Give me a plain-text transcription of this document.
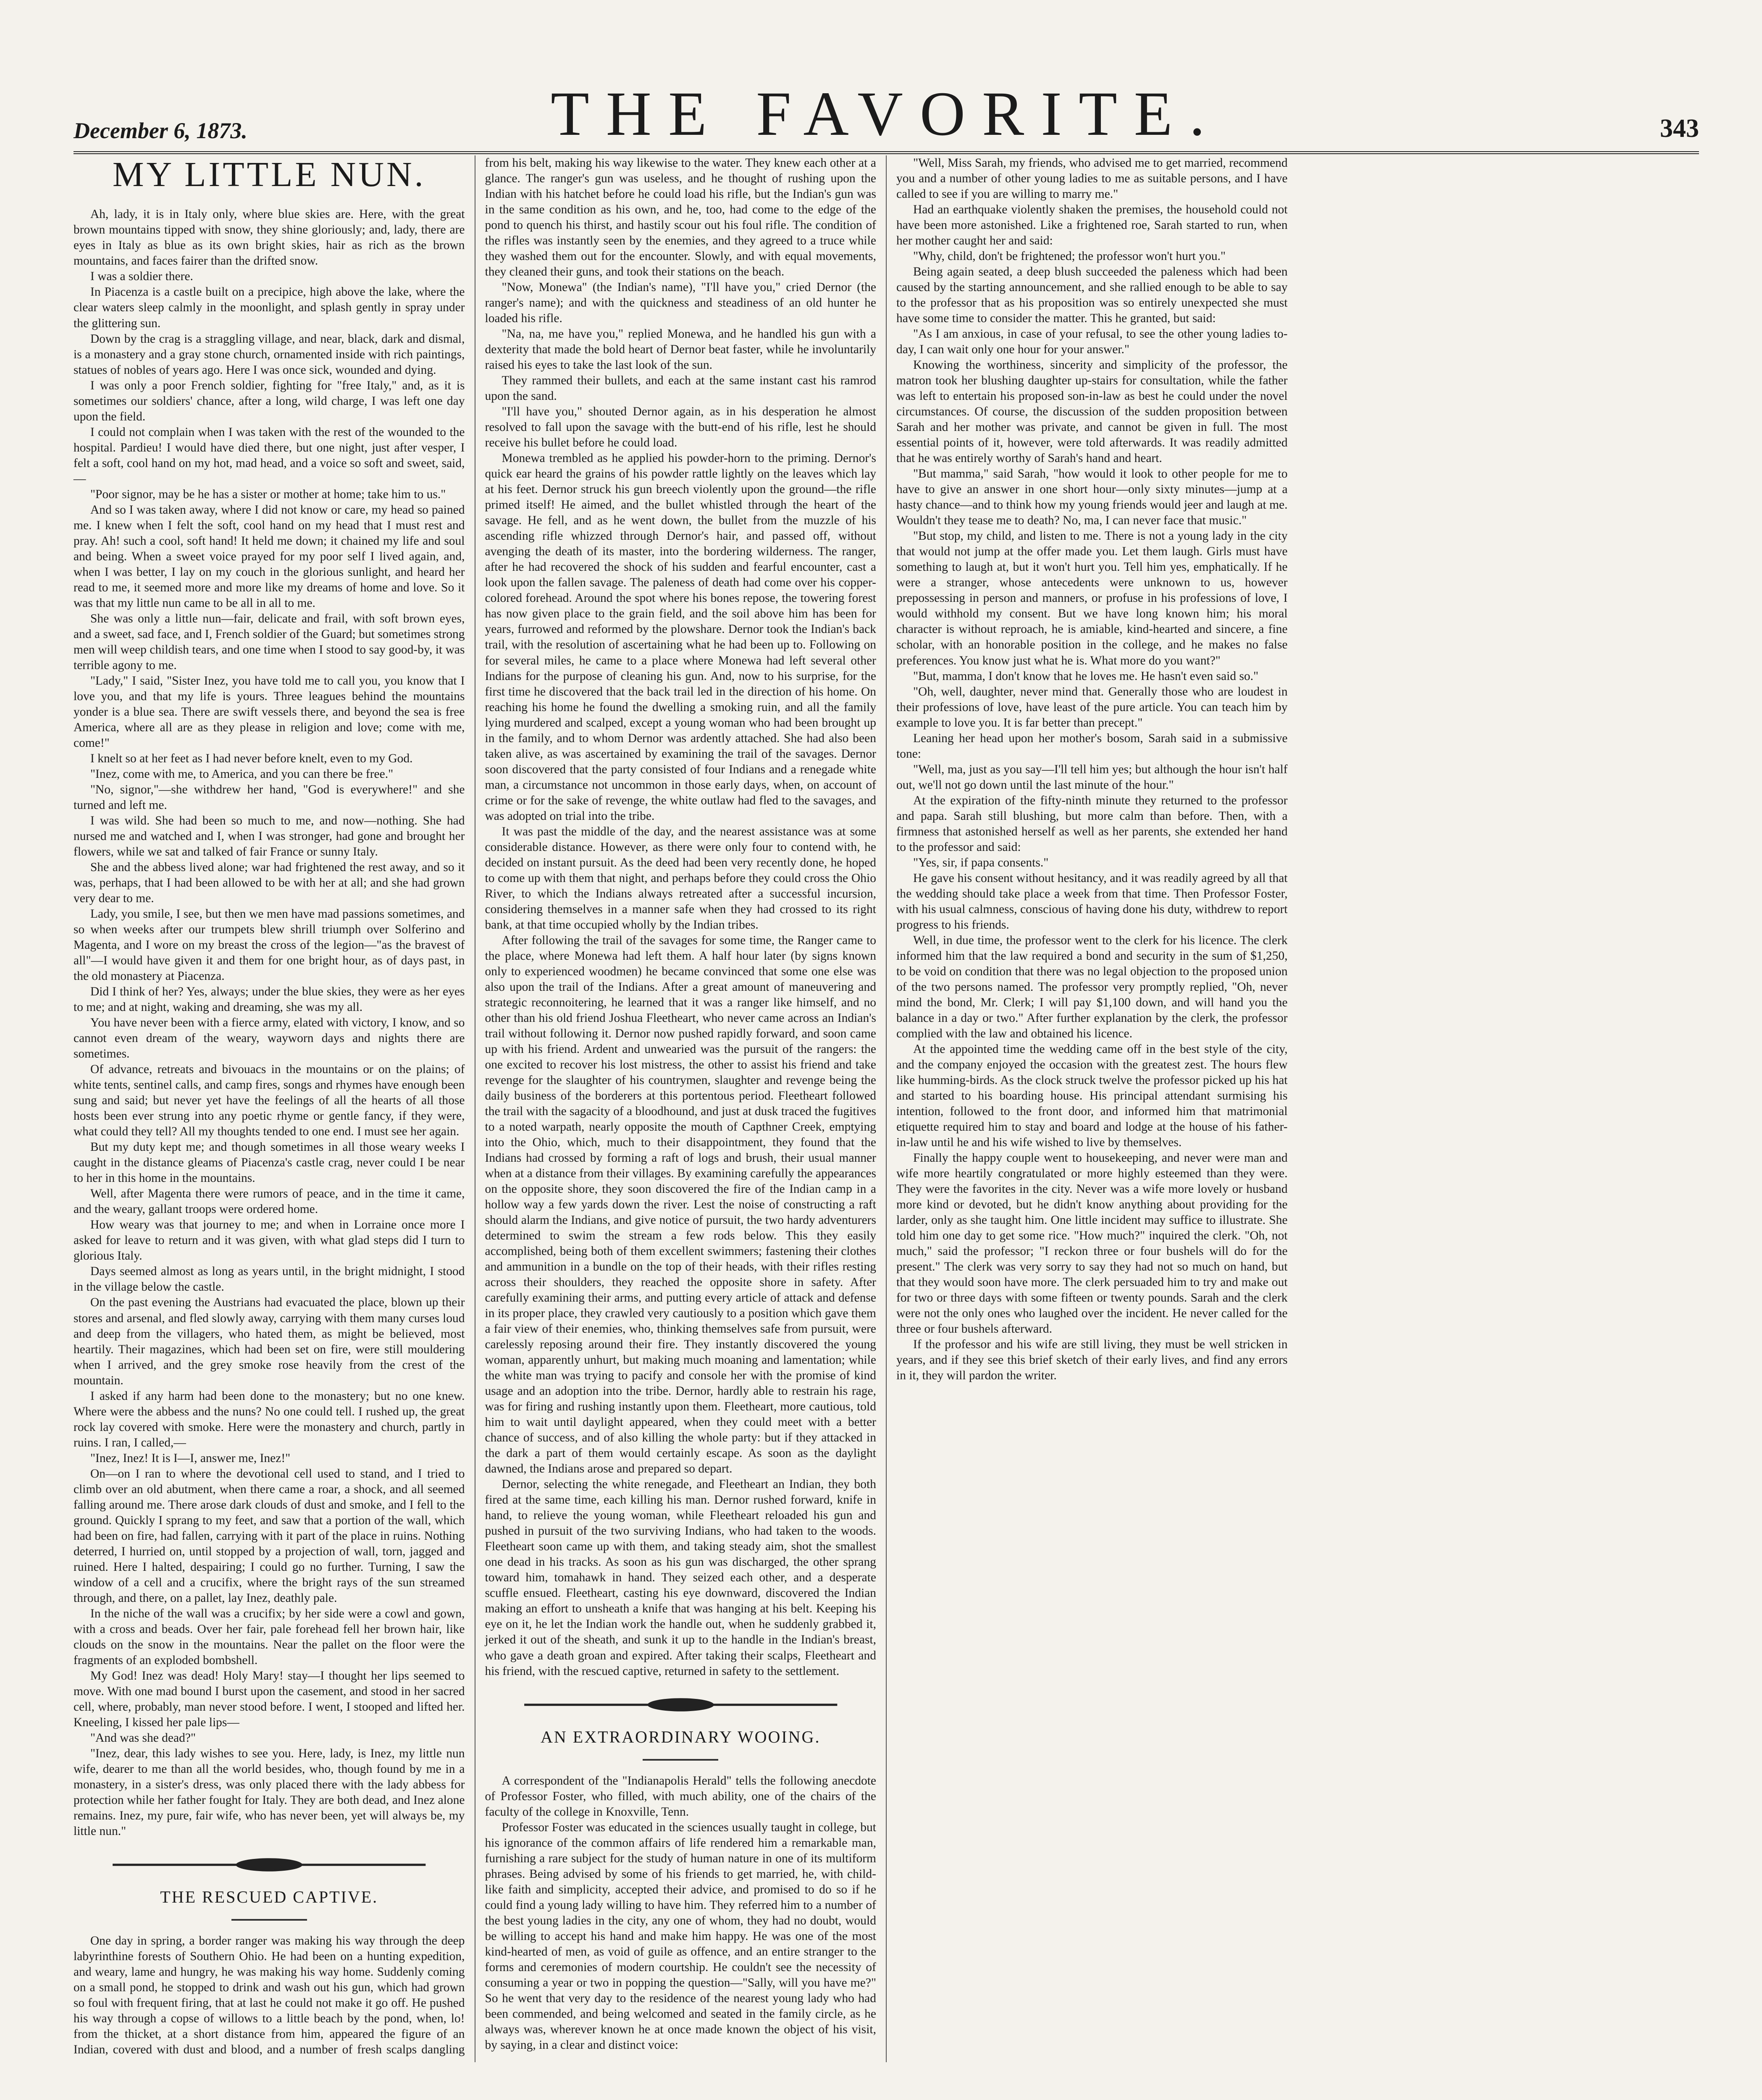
December 6, 1873.	THE FAVORITE.	343
MY LITTLE NUN.

Ah, lady, it is in Italy only, where blue skies are. Here, with the great brown mountains tipped with snow, they shine gloriously; and, lady, there are eyes in Italy as blue as its own bright skies, hair as rich as the brown mountains, and faces fairer than the drifted snow.

I was a soldier there.

In Piacenza is a castle built on a precipice, high above the lake, where the clear waters sleep calmly in the moonlight, and splash gently in spray under the glittering sun.

Down by the crag is a straggling village, and near, black, dark and dismal, is a monastery and a gray stone church, ornamented inside with rich paintings, statues of nobles of years ago. Here I was once sick, wounded and dying.

I was only a poor French soldier, fighting for "free Italy," and, as it is sometimes our soldiers' chance, after a long, wild charge, I was left one day upon the field.

I could not complain when I was taken with the rest of the wounded to the hospital. Pardieu! I would have died there, but one night, just after vesper, I felt a soft, cool hand on my hot, mad head, and a voice so soft and sweet, said,—

"Poor signor, may be he has a sister or mother at home; take him to us."

And so I was taken away, where I did not know or care, my head so pained me. I knew when I felt the soft, cool hand on my head that I must rest and pray. Ah! such a cool, soft hand! It held me down; it chained my life and soul and being. When a sweet voice prayed for my poor self I lived again, and, when I was better, I lay on my couch in the glorious sunlight, and heard her read to me, it seemed more and more like my dreams of home and love. So it was that my little nun came to be all in all to me.

She was only a little nun—fair, delicate and frail, with soft brown eyes, and a sweet, sad face, and I, French soldier of the Guard; but sometimes strong men will weep childish tears, and one time when I stood to say good-by, it was terrible agony to me.

"Lady," I said, "Sister Inez, you have told me to call you, you know that I love you, and that my life is yours. Three leagues behind the mountains yonder is a blue sea. There are swift vessels there, and beyond the sea is free America, where all are as they please in religion and love; come with me, come!"

I knelt so at her feet as I had never before knelt, even to my God.

"Inez, come with me, to America, and you can there be free."

"No, signor,"—she withdrew her hand, "God is everywhere!" and she turned and left me.

I was wild. She had been so much to me, and now—nothing. She had nursed me and watched and I, when I was stronger, had gone and brought her flowers, while we sat and talked of fair France or sunny Italy.

She and the abbess lived alone; war had frightened the rest away, and so it was, perhaps, that I had been allowed to be with her at all; and she had grown very dear to me.

Lady, you smile, I see, but then we men have mad passions sometimes, and so when weeks after our trumpets blew shrill triumph over Solferino and Magenta, and I wore on my breast the cross of the legion—"as the bravest of all"—I would have given it and them for one bright hour, as of days past, in the old monastery at Piacenza.

Did I think of her? Yes, always; under the blue skies, they were as her eyes to me; and at night, waking and dreaming, she was my all.

You have never been with a fierce army, elated with victory, I know, and so cannot even dream of the weary, wayworn days and nights there are sometimes.

Of advance, retreats and bivouacs in the mountains or on the plains; of white tents, sentinel calls, and camp fires, songs and rhymes have enough been sung and said; but never yet have the feelings of all the hearts of all those hosts been ever strung into any poetic rhyme or gentle fancy, if they were, what could they tell? All my thoughts tended to one end. I must see her again.

But my duty kept me; and though sometimes in all those weary weeks I caught in the distance gleams of Piacenza's castle crag, never could I be near to her in this home in the mountains.

Well, after Magenta there were rumors of peace, and in the time it came, and the weary, gallant troops were ordered home.

How weary was that journey to me; and when in Lorraine once more I asked for leave to return and it was given, with what glad steps did I turn to glorious Italy.

Days seemed almost as long as years until, in the bright midnight, I stood in the village below the castle.

On the past evening the Austrians had evacuated the place, blown up their stores and arsenal, and fled slowly away, carrying with them many curses loud and deep from the villagers, who hated them, as might be believed, most heartily. Their magazines, which had been set on fire, were still mouldering when I arrived, and the grey smoke rose heavily from the crest of the mountain.

I asked if any harm had been done to the monastery; but no one knew. Where were the abbess and the nuns? No one could tell. I rushed up, the great rock lay covered with smoke. Here were the monastery and church, partly in ruins. I ran, I called,—

"Inez, Inez! It is I—I, answer me, Inez!"

On—on I ran to where the devotional cell used to stand, and I tried to climb over an old abutment, when there came a roar, a shock, and all seemed falling around me. There arose dark clouds of dust and smoke, and I fell to the ground. Quickly I sprang to my feet, and saw that a portion of the wall, which had been on fire, had fallen, carrying with it part of the place in ruins. Nothing deterred, I hurried on, until stopped by a projection of wall, torn, jagged and ruined. Here I halted, despairing; I could go no further. Turning, I saw the window of a cell and a crucifix, where the bright rays of the sun streamed through, and there, on a pallet, lay Inez, deathly pale.

In the niche of the wall was a crucifix; by her side were a cowl and gown, with a cross and beads. Over her fair, pale forehead fell her brown hair, like clouds on the snow in the mountains. Near the pallet on the floor were the fragments of an exploded bombshell.

My God! Inez was dead! Holy Mary! stay—I thought her lips seemed to move. With one mad bound I burst upon the casement, and stood in her sacred cell, where, probably, man never stood before. I went, I stooped and lifted her. Kneeling, I kissed her pale lips—

"And was she dead?"

"Inez, dear, this lady wishes to see you. Here, lady, is Inez, my little nun wife, dearer to me than all the world besides, who, though found by me in a monastery, in a sister's dress, was only placed there with the lady abbess for protection while her father fought for Italy. They are both dead, and Inez alone remains. Inez, my pure, fair wife, who has never been, yet will always be, my little nun."

THE RESCUED CAPTIVE.

One day in spring, a border ranger was making his way through the deep labyrinthine forests of Southern Ohio. He had been on a hunting expedition, and weary, lame and hungry, he was making his way home. Suddenly coming on a small pond, he stopped to drink and wash out his gun, which had grown so foul with frequent firing, that at last he could not make it go off. He pushed his way through a copse of willows to a little beach by the pond, when, lo! from the thicket, at a short distance from him, appeared the figure of an Indian, covered with dust and blood, and a number of fresh scalps dangling from his belt, making his way likewise to the water. They knew each other at a glance. The ranger's gun was useless, and he thought of rushing upon the Indian with his hatchet before he could load his rifle, but the Indian's gun was in the same condition as his own, and he, too, had come to the edge of the pond to quench his thirst, and hastily scour out his foul rifle. The condition of the rifles was instantly seen by the enemies, and they agreed to a truce while they washed them out for the encounter. Slowly, and with equal movements, they cleaned their guns, and took their stations on the beach.

"Now, Monewa" (the Indian's name), "I'll have you," cried Dernor (the ranger's name); and with the quickness and steadiness of an old hunter he loaded his rifle.

"Na, na, me have you," replied Monewa, and he handled his gun with a dexterity that made the bold heart of Dernor beat faster, while he involuntarily raised his eyes to take the last look of the sun.

They rammed their bullets, and each at the same instant cast his ramrod upon the sand.

"I'll have you," shouted Dernor again, as in his desperation he almost resolved to fall upon the savage with the butt-end of his rifle, lest he should receive his bullet before he could load.

Monewa trembled as he applied his powder-horn to the priming. Dernor's quick ear heard the grains of his powder rattle lightly on the leaves which lay at his feet. Dernor struck his gun breech violently upon the ground—the rifle primed itself! He aimed, and the bullet whistled through the heart of the savage. He fell, and as he went down, the bullet from the muzzle of his ascending rifle whizzed through Dernor's hair, and passed off, without avenging the death of its master, into the bordering wilderness. The ranger, after he had recovered the shock of his sudden and fearful encounter, cast a look upon the fallen savage. The paleness of death had come over his copper-colored forehead. Around the spot where his bones repose, the towering forest has now given place to the grain field, and the soil above him has been for years, furrowed and reformed by the plowshare. Dernor took the Indian's back trail, with the resolution of ascertaining what he had been up to. Following on for several miles, he came to a place where Monewa had left several other Indians for the purpose of cleaning his gun. And, now to his surprise, for the first time he discovered that the back trail led in the direction of his home. On reaching his home he found the dwelling a smoking ruin, and all the family lying murdered and scalped, except a young woman who had been brought up in the family, and to whom Dernor was ardently attached. She had also been taken alive, as was ascertained by examining the trail of the savages. Dernor soon discovered that the party consisted of four Indians and a renegade white man, a circumstance not uncommon in those early days, when, on account of crime or for the sake of revenge, the white outlaw had fled to the savages, and was adopted on trial into the tribe.

It was past the middle of the day, and the nearest assistance was at some considerable distance. However, as there were only four to contend with, he decided on instant pursuit. As the deed had been very recently done, he hoped to come up with them that night, and perhaps before they could cross the Ohio River, to which the Indians always retreated after a successful incursion, considering themselves in a manner safe when they had crossed to its right bank, at that time occupied wholly by the Indian tribes.

After following the trail of the savages for some time, the Ranger came to the place, where Monewa had left them. A half hour later (by signs known only to experienced woodmen) he became convinced that some one else was also upon the trail of the Indians. After a great amount of maneuvering and strategic reconnoitering, he learned that it was a ranger like himself, and no other than his old friend Joshua Fleetheart, who never came across an Indian's trail without following it. Dernor now pushed rapidly forward, and soon came up with his friend. Ardent and unwearied was the pursuit of the rangers: the one excited to recover his lost mistress, the other to assist his friend and take revenge for the slaughter of his countrymen, slaughter and revenge being the daily business of the borderers at this portentous period. Fleetheart followed the trail with the sagacity of a bloodhound, and just at dusk traced the fugitives to a noted warpath, nearly opposite the mouth of Capthner Creek, emptying into the Ohio, which, much to their disappointment, they found that the Indians had crossed by forming a raft of logs and brush, their usual manner when at a distance from their villages. By examining carefully the appearances on the opposite shore, they soon discovered the fire of the Indian camp in a hollow way a few yards down the river. Lest the noise of constructing a raft should alarm the Indians, and give notice of pursuit, the two hardy adventurers determined to swim the stream a few rods below. This they easily accomplished, being both of them excellent swimmers; fastening their clothes and ammunition in a bundle on the top of their heads, with their rifles resting across their shoulders, they reached the opposite shore in safety. After carefully examining their arms, and putting every article of attack and defense in its proper place, they crawled very cautiously to a position which gave them a fair view of their enemies, who, thinking themselves safe from pursuit, were carelessly reposing around their fire. They instantly discovered the young woman, apparently unhurt, but making much moaning and lamentation; while the white man was trying to pacify and console her with the promise of kind usage and an adoption into the tribe. Dernor, hardly able to restrain his rage, was for firing and rushing instantly upon them. Fleetheart, more cautious, told him to wait until daylight appeared, when they could meet with a better chance of success, and of also killing the whole party: but if they attacked in the dark a part of them would certainly escape. As soon as the daylight dawned, the Indians arose and prepared so depart.

Dernor, selecting the white renegade, and Fleetheart an Indian, they both fired at the same time, each killing his man. Dernor rushed forward, knife in hand, to relieve the young woman, while Fleetheart reloaded his gun and pushed in pursuit of the two surviving Indians, who had taken to the woods. Fleetheart soon came up with them, and taking steady aim, shot the smallest one dead in his tracks. As soon as his gun was discharged, the other sprang toward him, tomahawk in hand. They seized each other, and a desperate scuffle ensued. Fleetheart, casting his eye downward, discovered the Indian making an effort to unsheath a knife that was hanging at his belt. Keeping his eye on it, he let the Indian work the handle out, when he suddenly grabbed it, jerked it out of the sheath, and sunk it up to the handle in the Indian's breast, who gave a death groan and expired. After taking their scalps, Fleetheart and his friend, with the rescued captive, returned in safety to the settlement.

AN EXTRAORDINARY WOOING.

A correspondent of the "Indianapolis Herald" tells the following anecdote of Professor Foster, who filled, with much ability, one of the chairs of the faculty of the college in Knoxville, Tenn.

Professor Foster was educated in the sciences usually taught in college, but his ignorance of the common affairs of life rendered him a remarkable man, furnishing a rare subject for the study of human nature in one of its multiform phrases. Being advised by some of his friends to get married, he, with child-like faith and simplicity, accepted their advice, and promised to do so if he could find a young lady willing to have him. They referred him to a number of the best young ladies in the city, any one of whom, they had no doubt, would be willing to accept his hand and make him happy. He was one of the most kind-hearted of men, as void of guile as offence, and an entire stranger to the forms and ceremonies of modern courtship. He couldn't see the necessity of consuming a year or two in popping the question—"Sally, will you have me?" So he went that very day to the residence of the nearest young lady who had been commended, and being welcomed and seated in the family circle, as he always was, wherever known he at once made known the object of his visit, by saying, in a clear and distinct voice:

"Well, Miss Sarah, my friends, who advised me to get married, recommend you and a number of other young ladies to me as suitable persons, and I have called to see if you are willing to marry me."

Had an earthquake violently shaken the premises, the household could not have been more astonished. Like a frightened roe, Sarah started to run, when her mother caught her and said:

"Why, child, don't be frightened; the professor won't hurt you."

Being again seated, a deep blush succeeded the paleness which had been caused by the starting announcement, and she rallied enough to be able to say to the professor that as his proposition was so entirely unexpected she must have some time to consider the matter. This he granted, but said:

"As I am anxious, in case of your refusal, to see the other young ladies to-day, I can wait only one hour for your answer."

Knowing the worthiness, sincerity and simplicity of the professor, the matron took her blushing daughter up-stairs for consultation, while the father was left to entertain his proposed son-in-law as best he could under the novel circumstances. Of course, the discussion of the sudden proposition between Sarah and her mother was private, and cannot be given in full. The most essential points of it, however, were told afterwards. It was readily admitted that he was entirely worthy of Sarah's hand and heart.

"But mamma," said Sarah, "how would it look to other people for me to have to give an answer in one short hour—only sixty minutes—jump at a hasty chance—and to think how my young friends would jeer and laugh at me. Wouldn't they tease me to death? No, ma, I can never face that music."

"But stop, my child, and listen to me. There is not a young lady in the city that would not jump at the offer made you. Let them laugh. Girls must have something to laugh at, but it won't hurt you. Tell him yes, emphatically. If he were a stranger, whose antecedents were unknown to us, however prepossessing in person and manners, or profuse in his professions of love, I would withhold my consent. But we have long known him; his moral character is without reproach, he is amiable, kind-hearted and sincere, a fine scholar, with an honorable position in the college, and he makes no false preferences. You know just what he is. What more do you want?"

"But, mamma, I don't know that he loves me. He hasn't even said so."

"Oh, well, daughter, never mind that. Generally those who are loudest in their professions of love, have least of the pure article. You can teach him by example to love you. It is far better than precept."

Leaning her head upon her mother's bosom, Sarah said in a submissive tone:

"Well, ma, just as you say—I'll tell him yes; but although the hour isn't half out, we'll not go down until the last minute of the hour."

At the expiration of the fifty-ninth minute they returned to the professor and papa. Sarah still blushing, but more calm than before. Then, with a firmness that astonished herself as well as her parents, she extended her hand to the professor and said:

"Yes, sir, if papa consents."

He gave his consent without hesitancy, and it was readily agreed by all that the wedding should take place a week from that time. Then Professor Foster, with his usual calmness, conscious of having done his duty, withdrew to report progress to his friends.

Well, in due time, the professor went to the clerk for his licence. The clerk informed him that the law required a bond and security in the sum of $1,250, to be void on condition that there was no legal objection to the proposed union of the two persons named. The professor very promptly replied, "Oh, never mind the bond, Mr. Clerk; I will pay $1,100 down, and will hand you the balance in a day or two." After further explanation by the clerk, the professor complied with the law and obtained his licence.

At the appointed time the wedding came off in the best style of the city, and the company enjoyed the occasion with the greatest zest. The hours flew like humming-birds. As the clock struck twelve the professor picked up his hat and started to his boarding house. His principal attendant surmising his intention, followed to the front door, and informed him that matrimonial etiquette required him to stay and board and lodge at the house of his father-in-law until he and his wife wished to live by themselves.

Finally the happy couple went to housekeeping, and never were man and wife more heartily congratulated or more highly esteemed than they were. They were the favorites in the city. Never was a wife more lovely or husband more kind or devoted, but he didn't know anything about providing for the larder, only as she taught him. One little incident may suffice to illustrate. She told him one day to get some rice. "How much?" inquired the clerk. "Oh, not much," said the professor; "I reckon three or four bushels will do for the present." The clerk was very sorry to say they had not so much on hand, but that they would soon have more. The clerk persuaded him to try and make out for two or three days with some fifteen or twenty pounds. Sarah and the clerk were not the only ones who laughed over the incident. He never called for the three or four bushels afterward.

If the professor and his wife are still living, they must be well stricken in years, and if they see this brief sketch of their early lives, and find any errors in it, they will pardon the writer.
